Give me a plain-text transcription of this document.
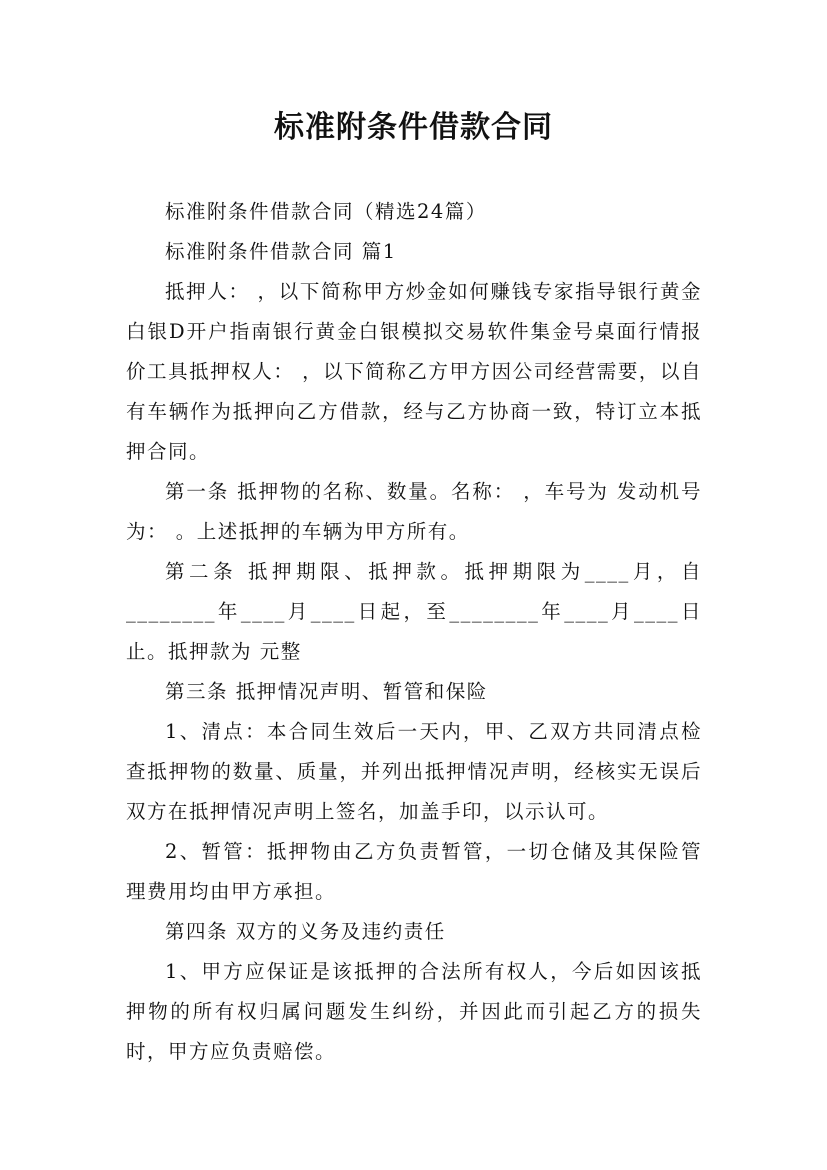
标准附条件借款合同

标准附条件借款合同（精选24篇）

标准附条件借款合同 篇1

抵押人： ，以下简称甲方炒金如何赚钱专家指导银行黄金白银D开户指南银行黄金白银模拟交易软件集金号桌面行情报价工具抵押权人： ，以下简称乙方甲方因公司经营需要，以自有车辆作为抵押向乙方借款，经与乙方协商一致，特订立本抵押合同。

第一条 抵押物的名称、数量。名称： ，车号为 发动机号为： 。上述抵押的车辆为甲方所有。

第二条 抵押期限、抵押款。抵押期限为____月，自________年____月____日起，至________年____月____日止。抵押款为 元整

第三条 抵押情况声明、暂管和保险

1、清点：本合同生效后一天内，甲、乙双方共同清点检查抵押物的数量、质量，并列出抵押情况声明，经核实无误后双方在抵押情况声明上签名，加盖手印，以示认可。

2、暂管：抵押物由乙方负责暂管，一切仓储及其保险管理费用均由甲方承担。

第四条 双方的义务及违约责任

1、甲方应保证是该抵押的合法所有权人，今后如因该抵押物的所有权归属问题发生纠纷，并因此而引起乙方的损失时，甲方应负责赔偿。
